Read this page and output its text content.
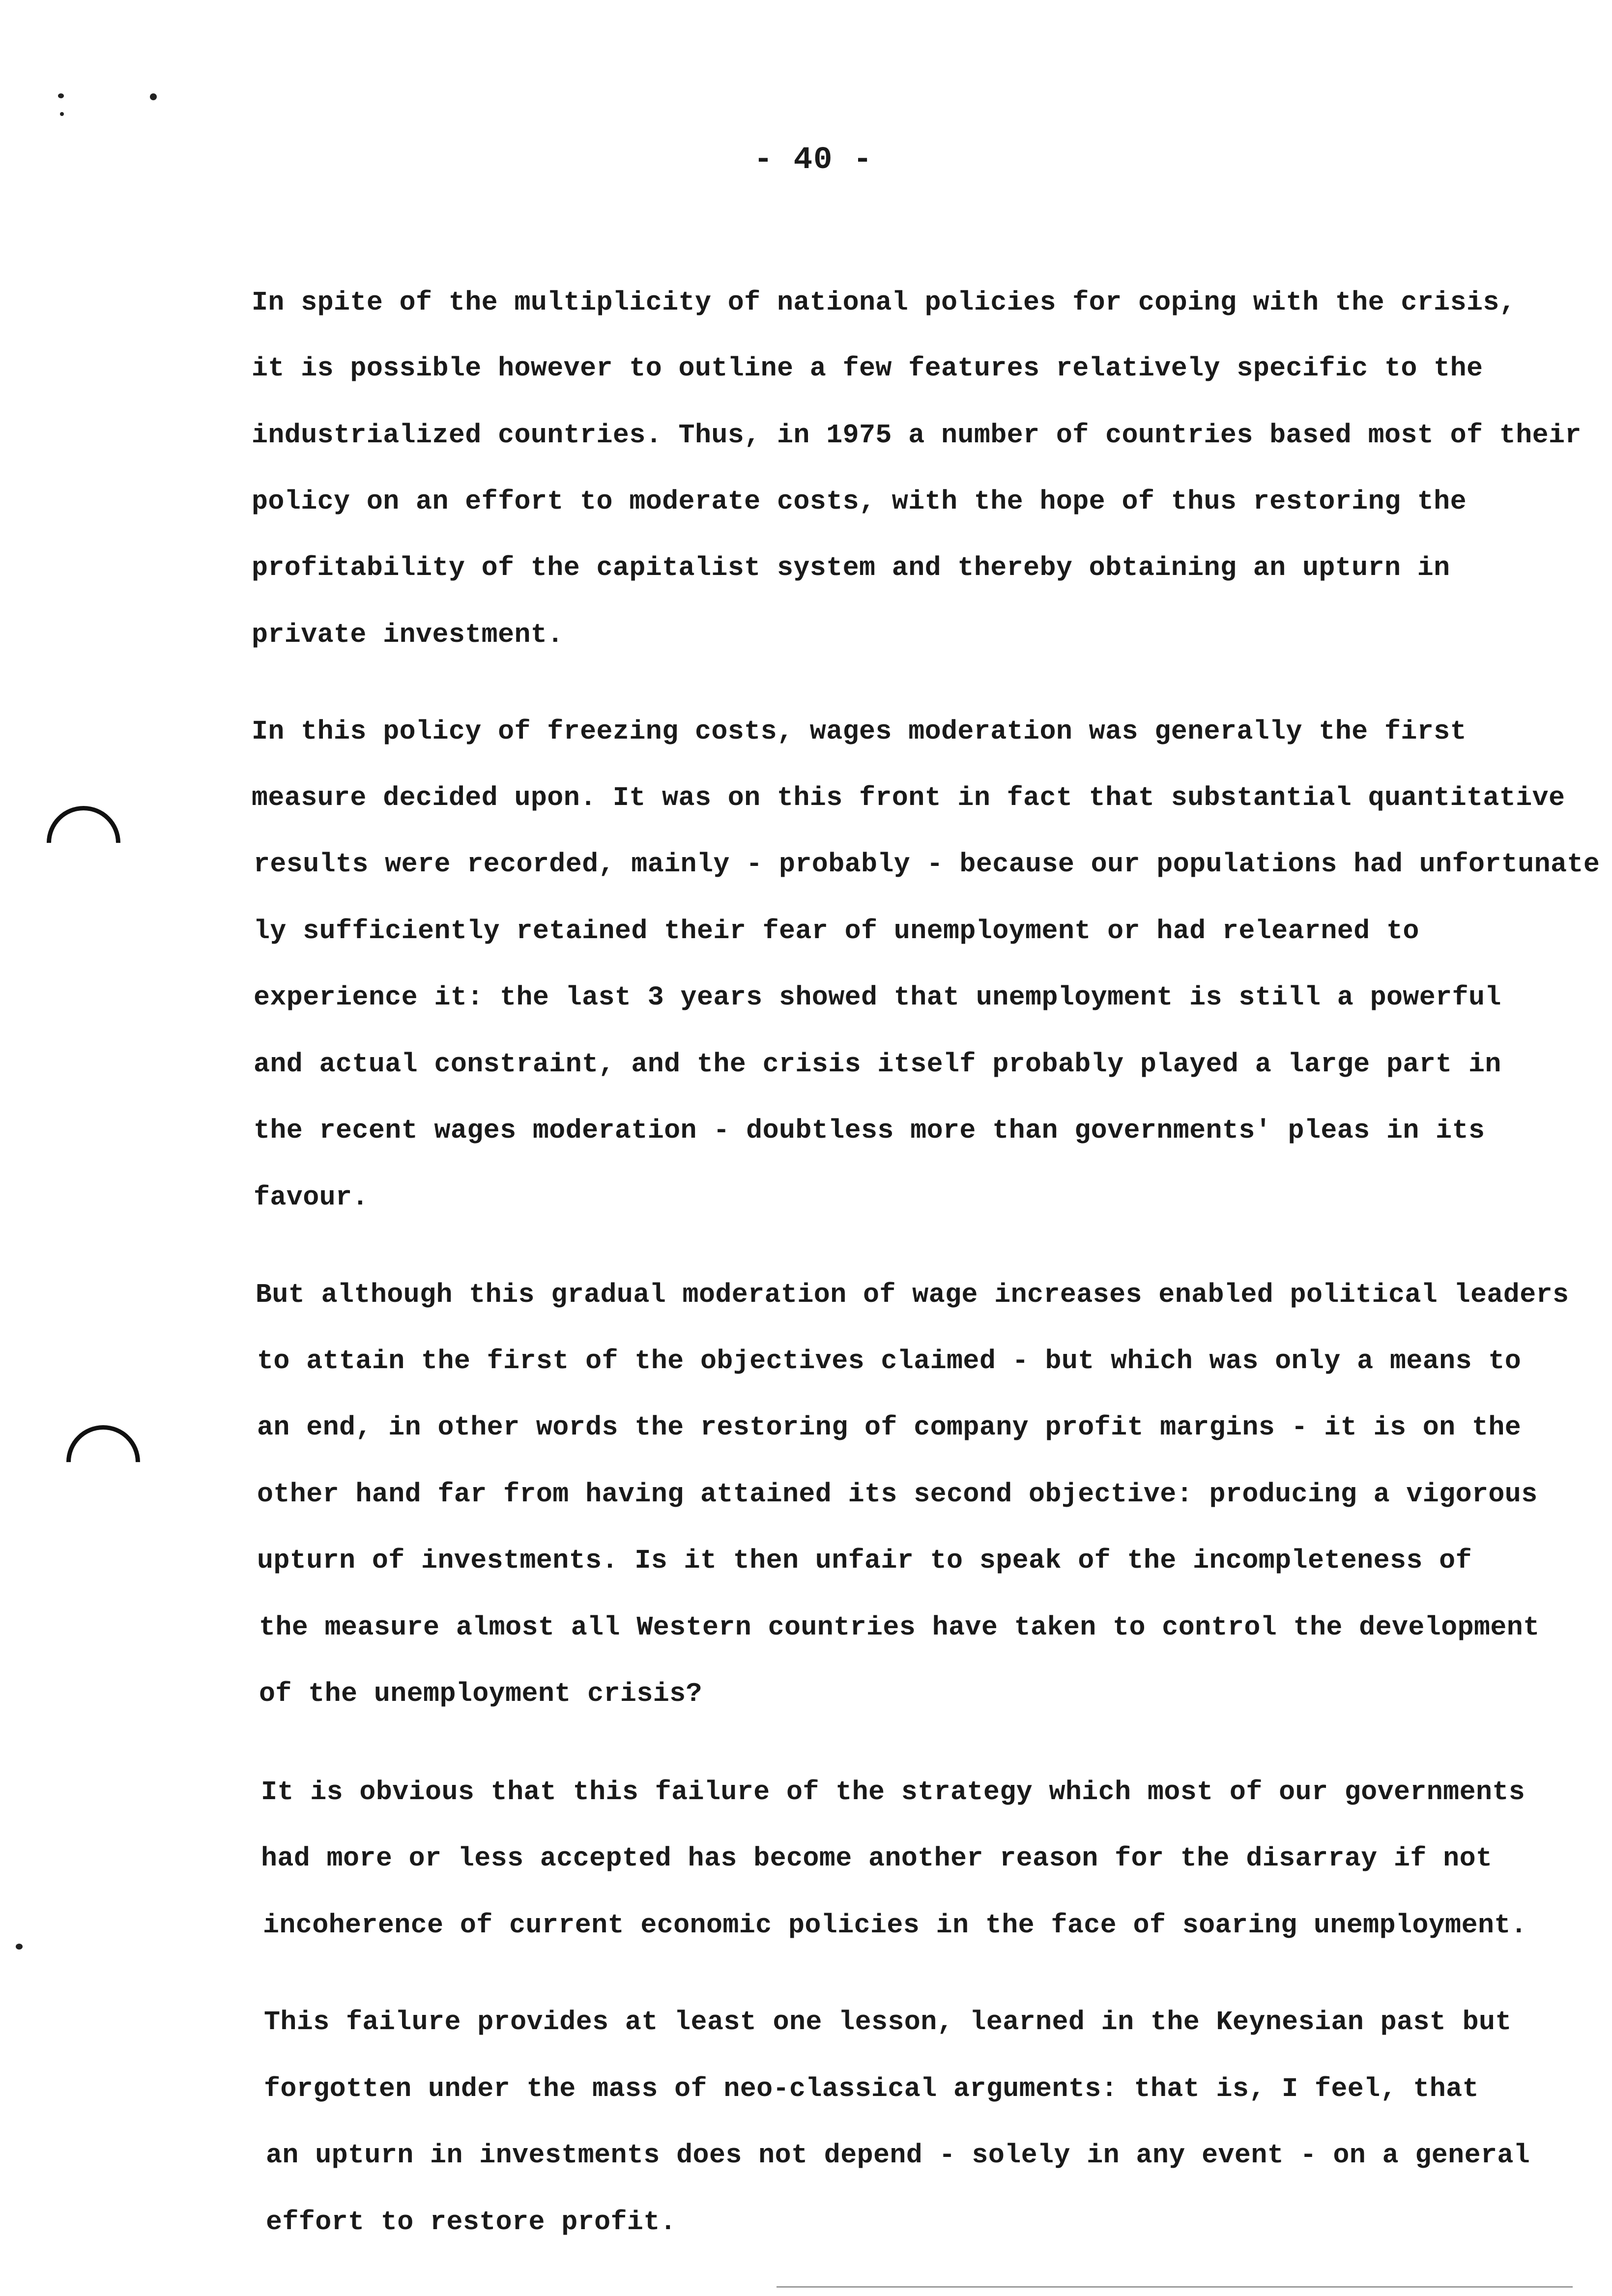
- 40 -
In spite of the multiplicity of national policies for coping with the crisis,
it is possible however to outline a few features relatively specific to the
industrialized countries. Thus, in 1975 a number of countries based most of their
policy on an effort to moderate costs, with the hope of thus restoring the
profitability of the capitalist system and thereby obtaining an upturn in
private investment.
In this policy of freezing costs, wages moderation was generally the first
measure decided upon. It was on this front in fact that substantial quantitative
results were recorded, mainly - probably - because our populations had unfortunate
ly sufficiently retained their fear of unemployment or had relearned to
experience it: the last 3 years showed that unemployment is still a powerful
and actual constraint, and the crisis itself probably played a large part in
the recent wages moderation - doubtless more than governments' pleas in its
favour.
But although this gradual moderation of wage increases enabled political leaders
to attain the first of the objectives claimed - but which was only a means to
an end, in other words the restoring of company profit margins - it is on the
other hand far from having attained its second objective: producing a vigorous
upturn of investments. Is it then unfair to speak of the incompleteness of
the measure almost all Western countries have taken to control the development
of the unemployment crisis?
It is obvious that this failure of the strategy which most of our governments
had more or less accepted has become another reason for the disarray if not
incoherence of current economic policies in the face of soaring unemployment.
This failure provides at least one lesson, learned in the Keynesian past but
forgotten under the mass of neo-classical arguments: that is, I feel, that
an upturn in investments does not depend - solely in any event - on a general
effort to restore profit.
